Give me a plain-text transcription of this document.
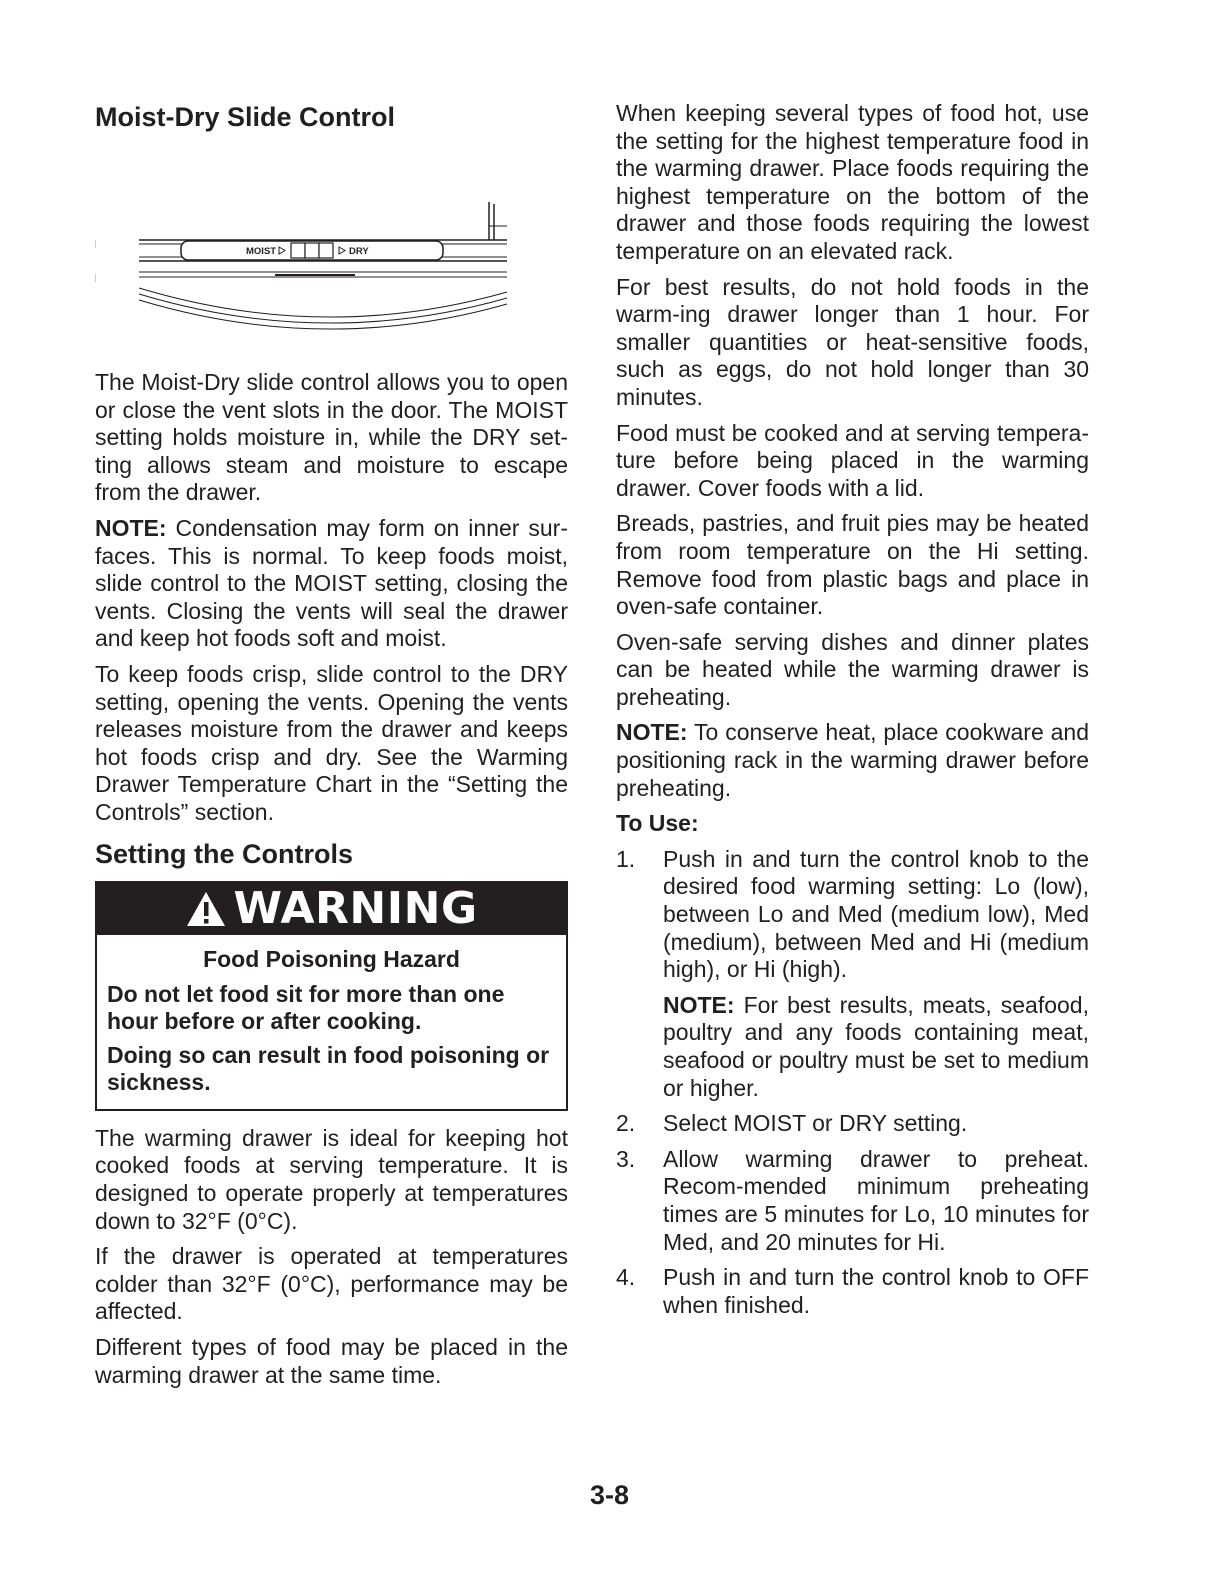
Moist-Dry Slide Control
MOIST	DRY

The Moist-Dry slide control allows you to open or close the vent slots in the door. The MOIST setting holds moisture in, while the DRY set-ting allows steam and moisture to escape from the drawer.

NOTE: Condensation may form on inner sur-faces. This is normal. To keep foods moist, slide control to the MOIST setting, closing the vents. Closing the vents will seal the drawer and keep hot foods soft and moist.

To keep foods crisp, slide control to the DRY setting, opening the vents. Opening the vents releases moisture from the drawer and keeps hot foods crisp and dry. See the Warming Drawer Temperature Chart in the “Setting the Controls” section.

Setting the Controls
WARNING
Food Poisoning Hazard

Do not let food sit for more than one hour before or after cooking.

Doing so can result in food poisoning or sickness.

The warming drawer is ideal for keeping hot cooked foods at serving temperature. It is designed to operate properly at temperatures down to 32°F (0°C).

If the drawer is operated at temperatures colder than 32°F (0°C), performance may be affected.

Different types of food may be placed in the warming drawer at the same time.

When keeping several types of food hot, use the setting for the highest temperature food in the warming drawer. Place foods requiring the highest temperature on the bottom of the drawer and those foods requiring the lowest temperature on an elevated rack.

For best results, do not hold foods in the warm-ing drawer longer than 1 hour. For smaller quantities or heat-sensitive foods, such as eggs, do not hold longer than 30 minutes.

Food must be cooked and at serving tempera-ture before being placed in the warming drawer. Cover foods with a lid.

Breads, pastries, and fruit pies may be heated from room temperature on the Hi setting. Remove food from plastic bags and place in oven-safe container.

Oven-safe serving dishes and dinner plates can be heated while the warming drawer is preheating.

NOTE: To conserve heat, place cookware and positioning rack in the warming drawer before preheating.

To Use:

1.	Push in and turn the control knob to the desired food warming setting: Lo (low), between Lo and Med (medium low), Med (medium), between Med and Hi (medium high), or Hi (high).

NOTE: For best results, meats, seafood, poultry and any foods containing meat, seafood or poultry must be set to medium or higher.

2.	Select MOIST or DRY setting.
3.	Allow warming drawer to preheat. Recom-mended minimum preheating times are 5 minutes for Lo, 10 minutes for Med, and 20 minutes for Hi.
4.	Push in and turn the control knob to OFF when finished.
3-8
